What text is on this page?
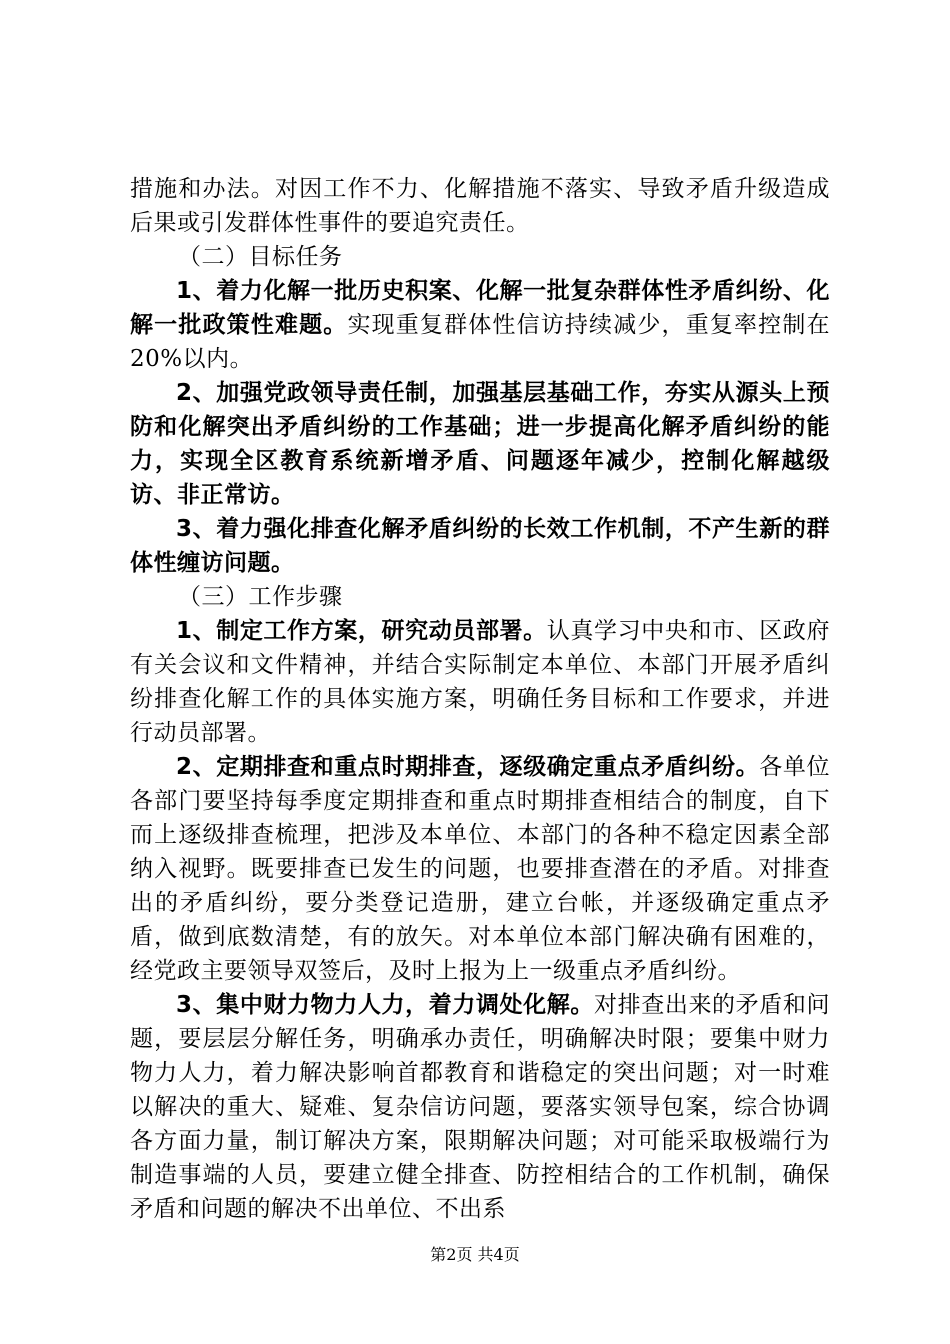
措施和办法。对因工作不力、化解措施不落实、导致矛盾升级造成后果或引发群体性事件的要追究责任。

（二）目标任务

1、着力化解一批历史积案、化解一批复杂群体性矛盾纠纷、化解一批政策性难题。实现重复群体性信访持续减少，重复率控制在20%以内。

2、加强党政领导责任制，加强基层基础工作，夯实从源头上预防和化解突出矛盾纠纷的工作基础；进一步提高化解矛盾纠纷的能力，实现全区教育系统新增矛盾、问题逐年减少，控制化解越级访、非正常访。

3、着力强化排查化解矛盾纠纷的长效工作机制，不产生新的群体性缠访问题。

（三）工作步骤

1、制定工作方案，研究动员部署。认真学习中央和市、区政府有关会议和文件精神，并结合实际制定本单位、本部门开展矛盾纠纷排查化解工作的具体实施方案，明确任务目标和工作要求，并进行动员部署。

2、定期排查和重点时期排查，逐级确定重点矛盾纠纷。各单位各部门要坚持每季度定期排查和重点时期排查相结合的制度，自下而上逐级排查梳理，把涉及本单位、本部门的各种不稳定因素全部纳入视野。既要排查已发生的问题，也要排查潜在的矛盾。对排查出的矛盾纠纷，要分类登记造册，建立台帐，并逐级确定重点矛盾，做到底数清楚，有的放矢。对本单位本部门解决确有困难的，经党政主要领导双签后，及时上报为上一级重点矛盾纠纷。

3、集中财力物力人力，着力调处化解。对排查出来的矛盾和问题，要层层分解任务，明确承办责任，明确解决时限；要集中财力物力人力，着力解决影响首都教育和谐稳定的突出问题；对一时难以解决的重大、疑难、复杂信访问题，要落实领导包案，综合协调各方面力量，制订解决方案，限期解决问题；对可能采取极端行为制造事端的人员，要建立健全排查、防控相结合的工作机制，确保矛盾和问题的解决不出单位、不出系

第2页 共4页
